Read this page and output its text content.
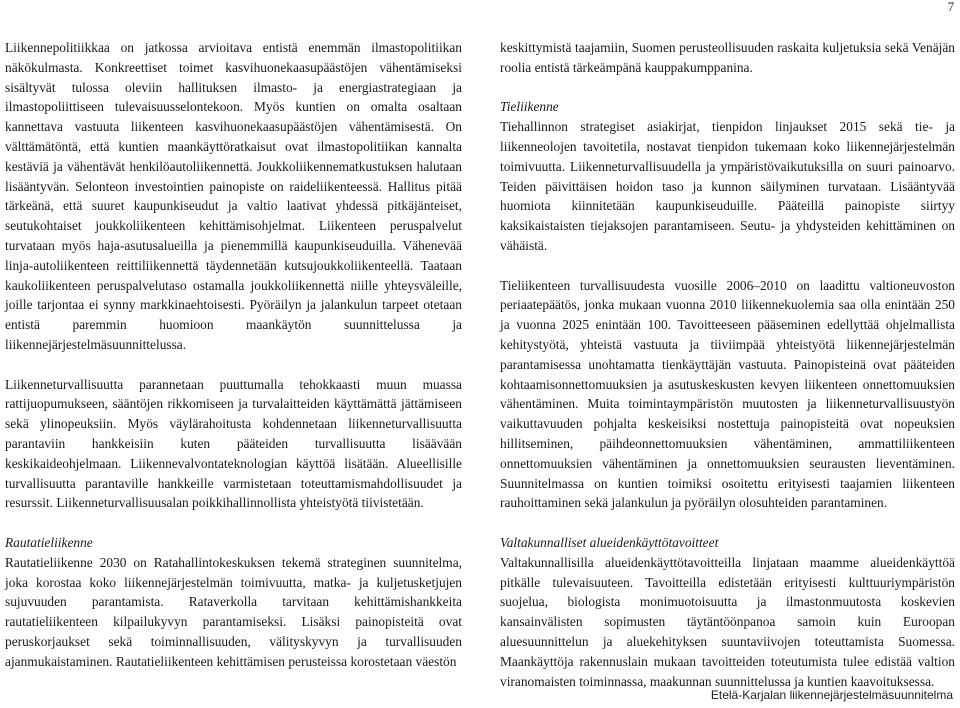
7

Liikennepolitiikkaa on jatkossa arvioitava entistä enemmän ilmastopolitiikan näkökulmasta. Konkreettiset toimet kasvihuonekaasupäästöjen vähentämiseksi sisältyvät tulossa oleviin hallituksen ilmasto- ja energiastrategiaan ja ilmastopoliittiseen tulevaisuusselontekoon. Myös kuntien on omalta osaltaan kannettava vastuuta liikenteen kasvihuonekaasupäästöjen vähentämisestä. On välttämätöntä, että kuntien maankäyttöratkaisut ovat ilmastopolitiikan kannalta kestäviä ja vähentävät henkilöautoliikennettä. Joukkoliikennematkustuksen halutaan lisääntyvän. Selonteon investointien painopiste on raideliikenteessä. Hallitus pitää tärkeänä, että suuret kaupunkiseudut ja valtio laativat yhdessä pitkäjänteiset, seutukohtaiset joukkoliikenteen kehittämisohjelmat. Liikenteen peruspalvelut turvataan myös haja-asutusalueilla ja pienemmillä kaupunkiseuduilla. Vähenevää linja-autoliikenteen reittiliikennettä täydennetään kutsujoukkoliikenteellä. Taataan kaukoliikenteen peruspalvelutaso ostamalla joukkoliikennettä niille yhteysväleille, joille tarjontaa ei synny markkinaehtoisesti. Pyöräilyn ja jalankulun tarpeet otetaan entistä paremmin huomioon maankäytön suunnittelussa ja liikennejärjestelmäsuunnittelussa.

Liikenneturvallisuutta parannetaan puuttumalla tehokkaasti muun muassa rattijuopumukseen, sääntöjen rikkomiseen ja turvalaitteiden käyttämättä jättämiseen sekä ylinopeuksiin. Myös väylärahoitusta kohdennetaan liikenneturvallisuutta parantaviin hankkeisiin kuten pääteiden turvallisuutta lisäävään keskikaideohjelmaan. Liikennevalvontateknologian käyttöä lisätään. Alueellisille turvallisuutta parantaville hankkeille varmistetaan toteuttamismahdollisuudet ja resurssit. Liikenneturvallisuusalan poikkihallinnollista yhteistyötä tiivistetään.

Rautatieliikenne

Rautatieliikenne 2030 on Ratahallintokeskuksen tekemä strateginen suunnitelma, joka korostaa koko liikennejärjestelmän toimivuutta, matka- ja kuljetusketjujen sujuvuuden parantamista. Rataverkolla tarvitaan kehittämishankkeita rautatieliikenteen kilpailukyvyn parantamiseksi. Lisäksi painopisteitä ovat peruskorjaukset sekä toiminnallisuuden, välityskyvyn ja turvallisuuden ajanmukaistaminen. Rautatieliikenteen kehittämisen perusteissa korostetaan väestön

keskittymistä taajamiin, Suomen perusteollisuuden raskaita kuljetuksia sekä Venäjän roolia entistä tärkeämpänä kauppakumppanina.

Tieliikenne

Tiehallinnon strategiset asiakirjat, tienpidon linjaukset 2015 sekä tie- ja liikenneolojen tavoitetila, nostavat tienpidon tukemaan koko liikennejärjestelmän toimivuutta. Liikenneturvallisuudella ja ympäristövaikutuksilla on suuri painoarvo. Teiden päivittäisen hoidon taso ja kunnon säilyminen turvataan. Lisääntyvää huomiota kiinnitetään kaupunkiseuduille. Pääteillä painopiste siirtyy kaksikaistaisten tiejaksojen parantamiseen. Seutu- ja yhdysteiden kehittäminen on vähäistä.

Tieliikenteen turvallisuudesta vuosille 2006–2010 on laadittu valtioneuvoston periaatepäätös, jonka mukaan vuonna 2010 liikennekuolemia saa olla enintään 250 ja vuonna 2025 enintään 100. Tavoitteeseen pääseminen edellyttää ohjelmallista kehitystyötä, yhteistä vastuuta ja tiiviimpää yhteistyötä liikennejärjestelmän parantamisessa unohtamatta tienkäyttäjän vastuuta. Painopisteinä ovat pääteiden kohtaamisonnettomuuksien ja asutuskeskusten kevyen liikenteen onnettomuuksien vähentäminen. Muita toimintaympäristön muutosten ja liikenneturvallisuustyön vaikuttavuuden pohjalta keskeisiksi nostettuja painopisteitä ovat nopeuksien hillitseminen, päihdeonnettomuuksien vähentäminen, ammattiliikenteen onnettomuuksien vähentäminen ja onnettomuuksien seurausten lieventäminen. Suunnitelmassa on kuntien toimiksi osoitettu erityisesti taajamien liikenteen rauhoittaminen sekä jalankulun ja pyöräilyn olosuhteiden parantaminen.

Valtakunnalliset alueidenkäyttötavoitteet

Valtakunnallisilla alueidenkäyttötavoitteilla linjataan maamme alueidenkäyttöä pitkälle tulevaisuuteen. Tavoitteilla edistetään erityisesti kulttuuriympäristön suojelua, biologista monimuotoisuutta ja ilmastonmuutosta koskevien kansainvälisten sopimusten täytäntöönpanoa samoin kuin Euroopan aluesuunnittelun ja aluekehityksen suuntaviivojen toteuttamista Suomessa. Maankäyttöja rakennuslain mukaan tavoitteiden toteutumista tulee edistää valtion viranomaisten toiminnassa, maakunnan suunnittelussa ja kuntien kaavoituksessa.

Etelä-Karjalan liikennejärjestelmäsuunnitelma
